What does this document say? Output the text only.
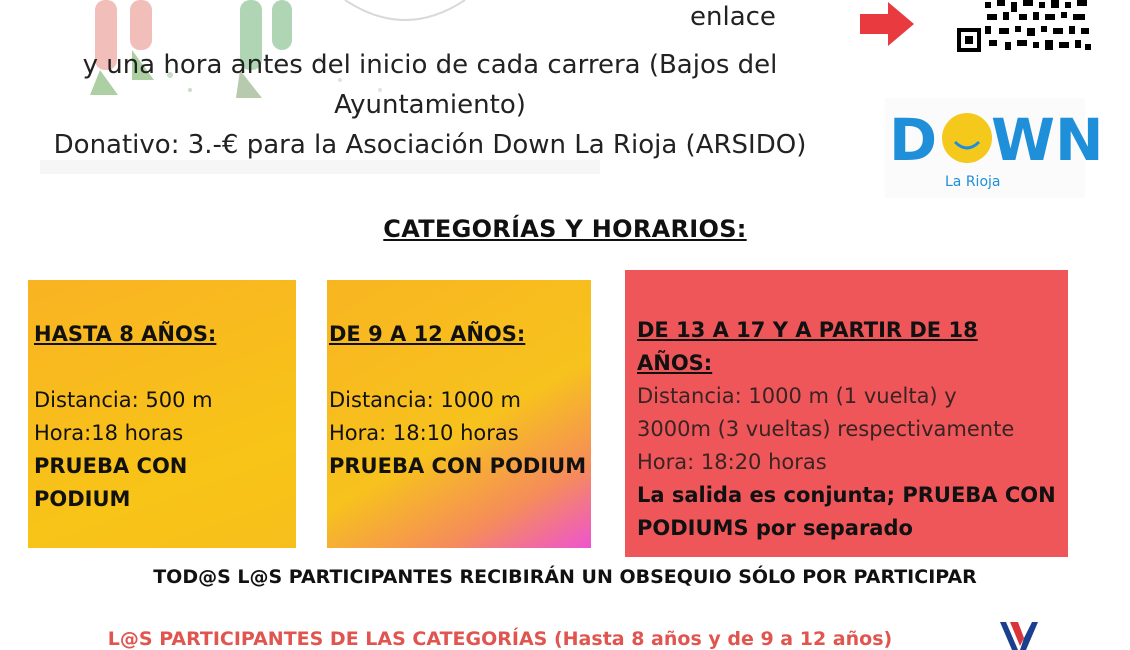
enlace
y una hora antes del inicio de cada carrera (Bajos del
Ayuntamiento)
Donativo: 3.-€ para la Asociación Down La Rioja (ARSIDO)	D WN
La Rioja
CATEGORÍAS Y HORARIOS:
HASTA 8 AÑOS:
Distancia: 500 m
Hora:18 horas
PRUEBA CON PODIUM
DE 9 A 12 AÑOS:
Distancia: 1000 m
Hora: 18:10 horas
PRUEBA CON PODIUM
DE 13 A 17 Y A PARTIR DE 18 AÑOS:
Distancia: 1000 m (1 vuelta) y
3000m (3 vueltas) respectivamente
Hora: 18:20 horas
La salida es conjunta; PRUEBA CON
PODIUMS por separado
TOD@S L@S PARTICIPANTES RECIBIRÁN UN OBSEQUIO SÓLO POR PARTICIPAR
L@S PARTICIPANTES DE LAS CATEGORÍAS (Hasta 8 años y de 9 a 12 años)
